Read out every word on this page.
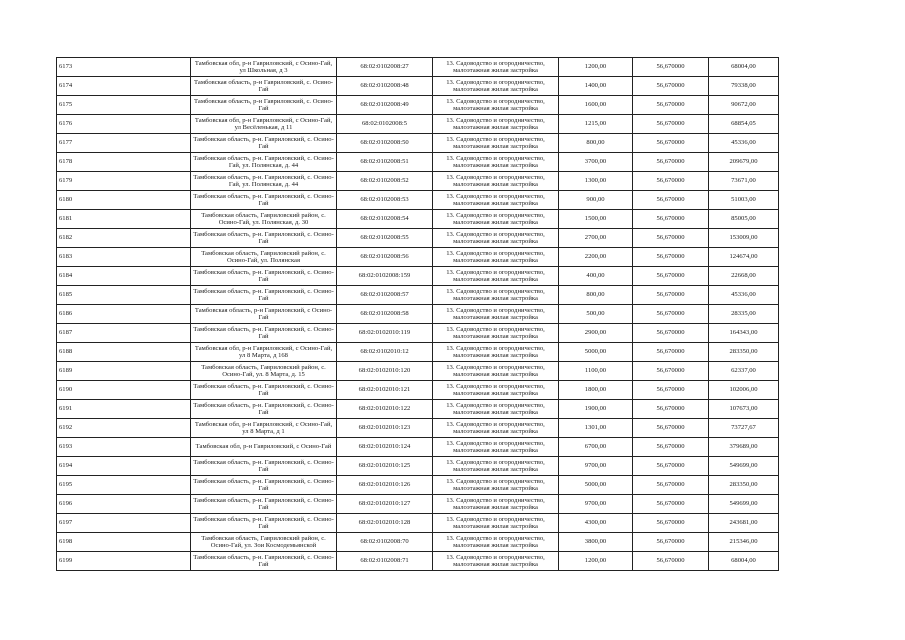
6173	Тамбовская обл, р-н Гавриловский, с Осино-Гай, ул Школьная, д 3	68:02:0102008:27	13. Садоводство и огородничество, малоэтажная жилая застройка	1200,00	56,670000	68004,00
6174	Тамбовская область, р-н Гавриловский, с. Осино-Гай	68:02:0102008:48	13. Садоводство и огородничество, малоэтажная жилая застройка	1400,00	56,670000	79338,00
6175	Тамбовская область, р-н Гавриловский, с. Осино-Гай	68:02:0102008:49	13. Садоводство и огородничество, малоэтажная жилая застройка	1600,00	56,670000	90672,00
6176	Тамбовская обл, р-н Гавриловский, с Осино-Гай, ул Весёленькая, д 11	68:02:0102008:5	13. Садоводство и огородничество, малоэтажная жилая застройка	1215,00	56,670000	68854,05
6177	Тамбовская область, р-н. Гавриловский, с. Осино-Гай	68:02:0102008:50	13. Садоводство и огородничество, малоэтажная жилая застройка	800,00	56,670000	45336,00
6178	Тамбовская область, р-н. Гавриловский, с. Осино-Гай, ул. Полянская, д. 44	68:02:0102008:51	13. Садоводство и огородничество, малоэтажная жилая застройка	3700,00	56,670000	209679,00
6179	Тамбовская область, р-н. Гавриловский, с. Осино-Гай, ул. Полянская, д. 44	68:02:0102008:52	13. Садоводство и огородничество, малоэтажная жилая застройка	1300,00	56,670000	73671,00
6180	Тамбовская область, р-н. Гавриловский, с. Осино-Гай	68:02:0102008:53	13. Садоводство и огородничество, малоэтажная жилая застройка	900,00	56,670000	51003,00
6181	Тамбовская область, Гавриловский район, с. Осино-Гай, ул. Полянская, д. 30	68:02:0102008:54	13. Садоводство и огородничество, малоэтажная жилая застройка	1500,00	56,670000	85005,00
6182	Тамбовская область, р-н. Гавриловский, с. Осино-Гай	68:02:0102008:55	13. Садоводство и огородничество, малоэтажная жилая застройка	2700,00	56,670000	153009,00
6183	Тамбовская область, Гавриловский район, с. Осино-Гай, ул. Полянская	68:02:0102008:56	13. Садоводство и огородничество, малоэтажная жилая застройка	2200,00	56,670000	124674,00
6184	Тамбовская область, р-н. Гавриловский, с. Осино-Гай	68:02:0102008:159	13. Садоводство и огородничество, малоэтажная жилая застройка	400,00	56,670000	22668,00
6185	Тамбовская область, р-н. Гавриловский, с. Осино-Гай	68:02:0102008:57	13. Садоводство и огородничество, малоэтажная жилая застройка	800,00	56,670000	45336,00
6186	Тамбовская область, р-н Гавриловский, с Осино-Гай	68:02:0102008:58	13. Садоводство и огородничество, малоэтажная жилая застройка	500,00	56,670000	28335,00
6187	Тамбовская область, р-н. Гавриловский, с. Осино-Гай	68:02:0102010:119	13. Садоводство и огородничество, малоэтажная жилая застройка	2900,00	56,670000	164343,00
6188	Тамбовская обл, р-н Гавриловский, с Осино-Гай, ул 8 Марта, д 168	68:02:0102010:12	13. Садоводство и огородничество, малоэтажная жилая застройка	5000,00	56,670000	283350,00
6189	Тамбовская область, Гавриловский район, с. Осино-Гай, ул. 8 Марта, д. 15	68:02:0102010:120	13. Садоводство и огородничество, малоэтажная жилая застройка	1100,00	56,670000	62337,00
6190	Тамбовская область, р-н. Гавриловский, с. Осино-Гай	68:02:0102010:121	13. Садоводство и огородничество, малоэтажная жилая застройка	1800,00	56,670000	102006,00
6191	Тамбовская область, р-н. Гавриловский, с. Осино-Гай	68:02:0102010:122	13. Садоводство и огородничество, малоэтажная жилая застройка	1900,00	56,670000	107673,00
6192	Тамбовская обл, р-н Гавриловский, с Осино-Гай, ул 8 Марта, д 1	68:02:0102010:123	13. Садоводство и огородничество, малоэтажная жилая застройка	1301,00	56,670000	73727,67
6193	Тамбовская обл, р-н Гавриловский, с Осино-Гай	68:02:0102010:124	13. Садоводство и огородничество, малоэтажная жилая застройка	6700,00	56,670000	379689,00
6194	Тамбовская область, р-н. Гавриловский, с. Осино-Гай	68:02:0102010:125	13. Садоводство и огородничество, малоэтажная жилая застройка	9700,00	56,670000	549699,00
6195	Тамбовская область, р-н. Гавриловский, с. Осино-Гай	68:02:0102010:126	13. Садоводство и огородничество, малоэтажная жилая застройка	5000,00	56,670000	283350,00
6196	Тамбовская область, р-н. Гавриловский, с. Осино-Гай	68:02:0102010:127	13. Садоводство и огородничество, малоэтажная жилая застройка	9700,00	56,670000	549699,00
6197	Тамбовская область, р-н. Гавриловский, с. Осино-Гай	68:02:0102010:128	13. Садоводство и огородничество, малоэтажная жилая застройка	4300,00	56,670000	243681,00
6198	Тамбовская область, Гавриловский район, с. Осино-Гай, ул. Зои Космодемьянской	68:02:0102008:70	13. Садоводство и огородничество, малоэтажная жилая застройка	3800,00	56,670000	215346,00
6199	Тамбовская область, р-н. Гавриловский, с. Осино-Гай	68:02:0102008:71	13. Садоводство и огородничество, малоэтажная жилая застройка	1200,00	56,670000	68004,00
